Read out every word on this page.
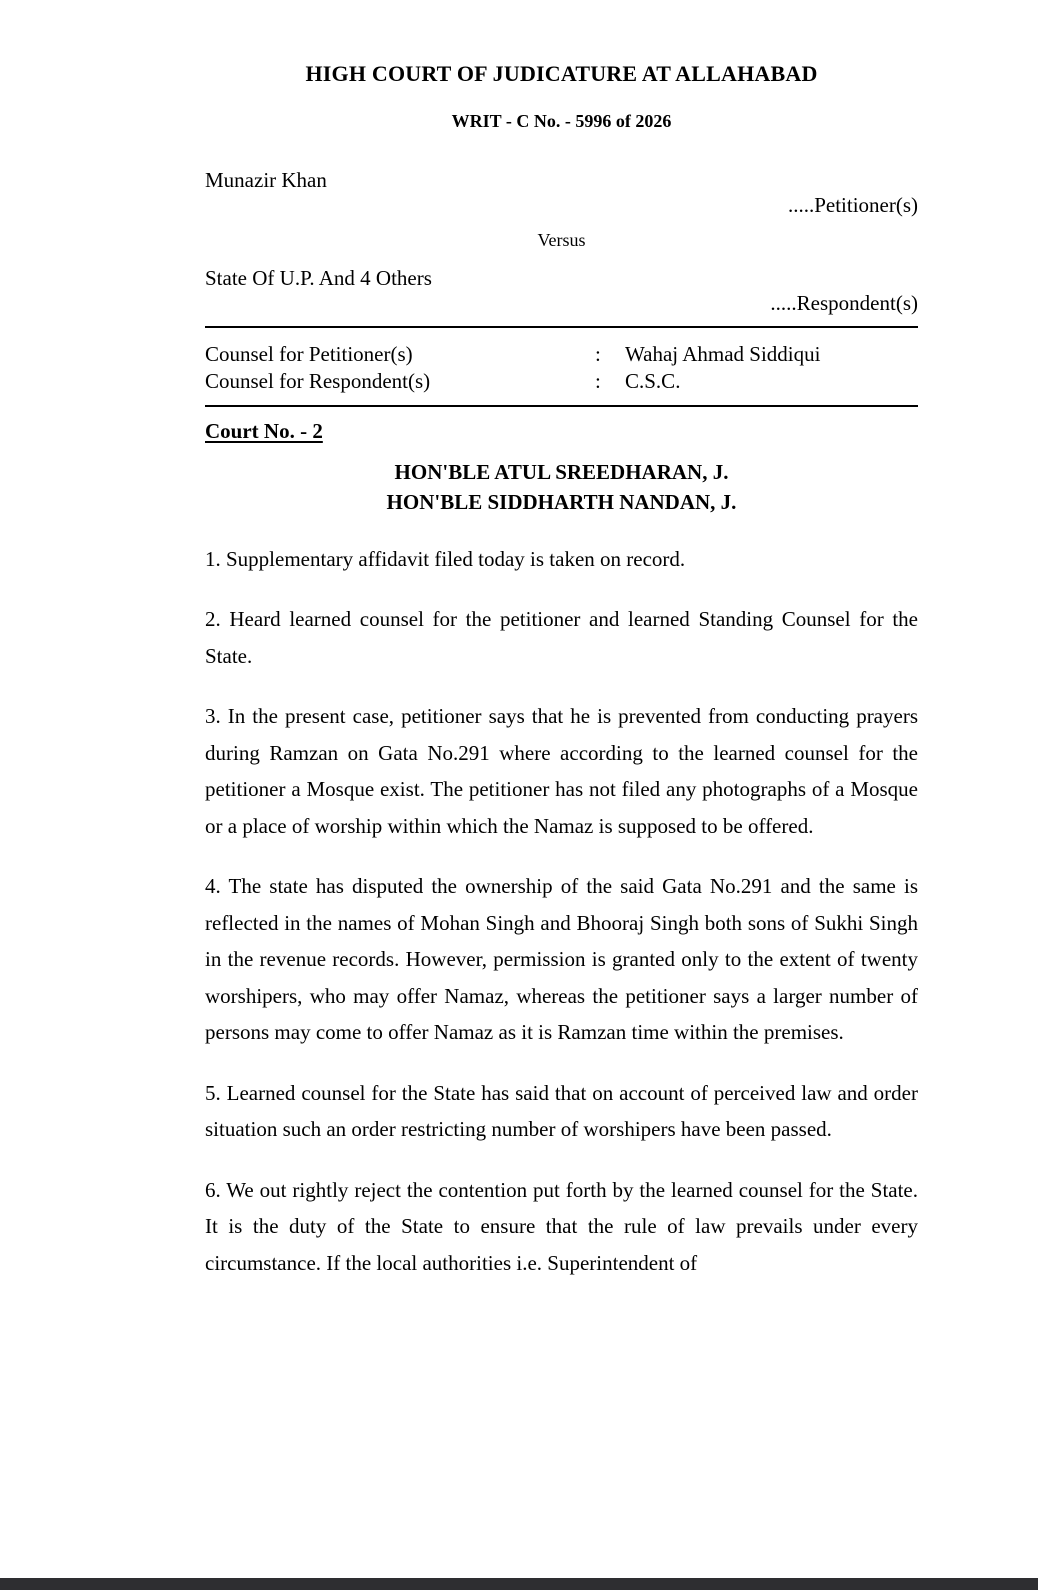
HIGH COURT OF JUDICATURE AT ALLAHABAD
WRIT - C No. - 5996 of 2026
Munazir Khan
.....Petitioner(s)
Versus
State Of U.P. And 4 Others
.....Respondent(s)
Counsel for Petitioner(s)	:	Wahaj Ahmad Siddiqui
Counsel for Respondent(s)	:	C.S.C.
Court No. - 2
HON'BLE ATUL SREEDHARAN, J.
HON'BLE SIDDHARTH NANDAN, J.

1. Supplementary affidavit filed today is taken on record.

2. Heard learned counsel for the petitioner and learned Standing Counsel for the State.

3. In the present case, petitioner says that he is prevented from conducting prayers during Ramzan on Gata No.291 where according to the learned counsel for the petitioner a Mosque exist. The petitioner has not filed any photographs of a Mosque or a place of worship within which the Namaz is supposed to be offered.

4. The state has disputed the ownership of the said Gata No.291 and the same is reflected in the names of Mohan Singh and Bhooraj Singh both sons of Sukhi Singh in the revenue records. However, permission is granted only to the extent of twenty worshipers, who may offer Namaz, whereas the petitioner says a larger number of persons may come to offer Namaz as it is Ramzan time within the premises.

5. Learned counsel for the State has said that on account of perceived law and order situation such an order restricting number of worshipers have been passed.

6. We out rightly reject the contention put forth by the learned counsel for the State. It is the duty of the State to ensure that the rule of law prevails under every circumstance. If the local authorities i.e. Superintendent of
